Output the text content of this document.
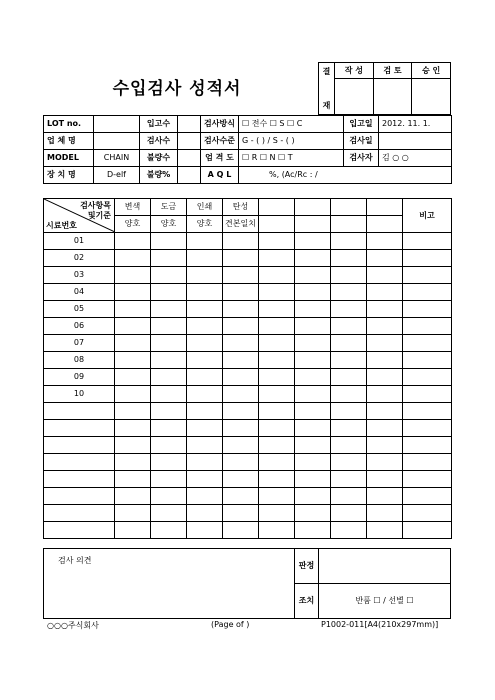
수입검사 성적서
결

재	작 성	검 토	승 인

LOT no.		입고수		검사방식	☐ 전수 ☐ S ☐ C	입고일	2012. 11. 1.
업 체 명		검사수		검사수준	G - ( ) / S - ( )	검사일	
MODEL	CHAIN	불량수		엄 격 도	☐ R ☐ N ☐ T	검사자	김 ○ ○
장 치 명	D-elf	불량%		A Q L	%, (Ac/Rc : /		
검사항목
및기준
시료번호	변색	도금	인쇄	탄성					비고
	양호	양호	양호	견본일치					
01									
02									
03									
04									
05									
06									
07									
08									
09									
10									

검사 의견	판정	
	조치	반품 ☐ / 선별 ☐
○○○주식회사	(Page of )	P1002-011[A4(210x297mm)]
